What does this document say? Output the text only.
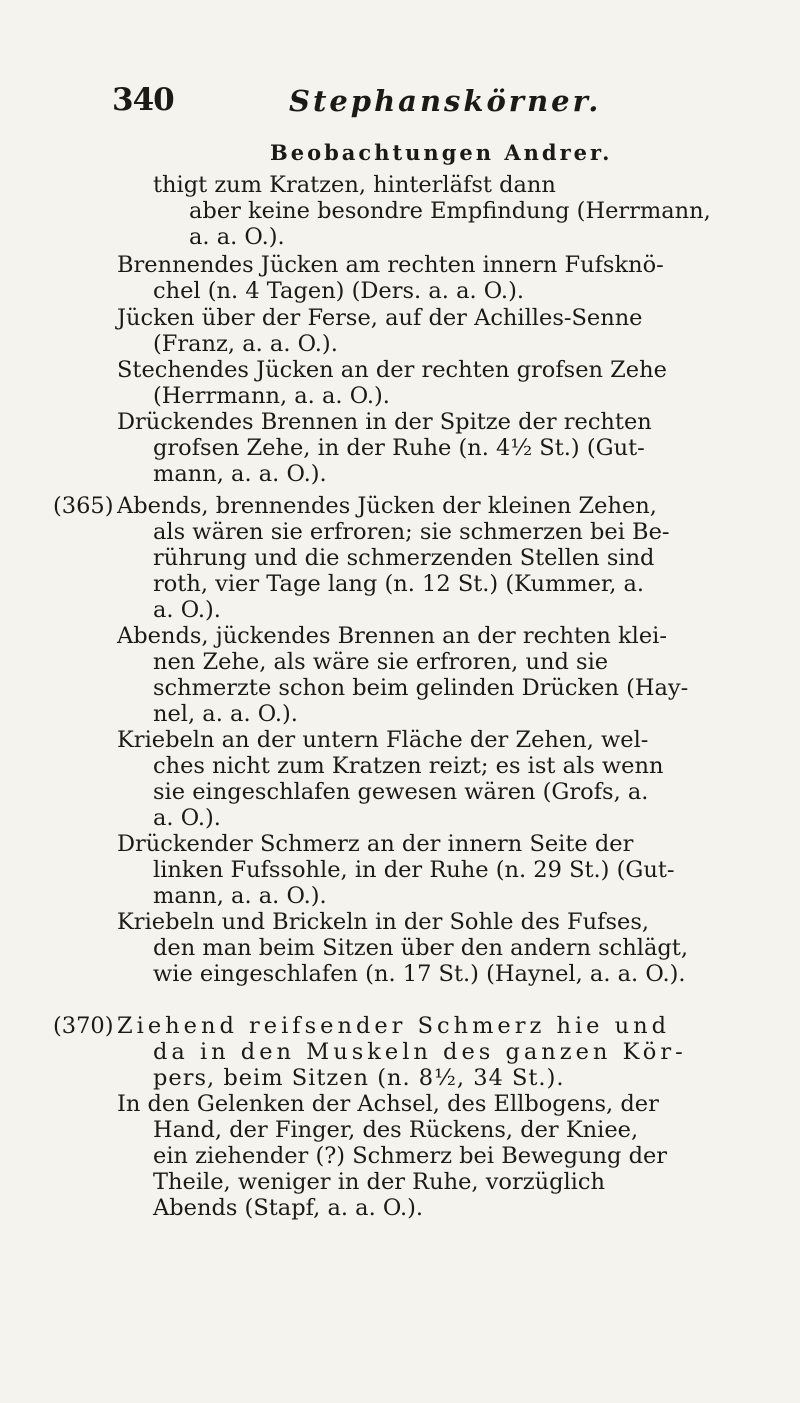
340	Stephanskörner.
Beobachtungen Andrer.
thigt zum Kratzen, hinterläfst dann
aber keine besondre Empfindung (Herrmann,
a. a. O.).
Brennendes Jücken am rechten innern Fufsknö-
chel (n. 4 Tagen) (Ders. a. a. O.).
Jücken über der Ferse, auf der Achilles-Senne
(Franz, a. a. O.).
Stechendes Jücken an der rechten grofsen Zehe
(Herrmann, a. a. O.).
Drückendes Brennen in der Spitze der rechten
grofsen Zehe, in der Ruhe (n. 4½ St.) (Gut-
mann, a. a. O.).
(365) Abends, brennendes Jücken der kleinen Zehen,
als wären sie erfroren; sie schmerzen bei Be-
rührung und die schmerzenden Stellen sind
roth, vier Tage lang (n. 12 St.) (Kummer, a.
a. O.).
Abends, jückendes Brennen an der rechten klei-
nen Zehe, als wäre sie erfroren, und sie
schmerzte schon beim gelinden Drücken (Hay-
nel, a. a. O.).
Kriebeln an der untern Fläche der Zehen, wel-
ches nicht zum Kratzen reizt; es ist als wenn
sie eingeschlafen gewesen wären (Grofs, a.
a. O.).
Drückender Schmerz an der innern Seite der
linken Fufssohle, in der Ruhe (n. 29 St.) (Gut-
mann, a. a. O.).
Kriebeln und Brickeln in der Sohle des Fufses,
den man beim Sitzen über den andern schlägt,
wie eingeschlafen (n. 17 St.) (Haynel, a. a. O.).
(370) Ziehend reifsender Schmerz hie und
da in den Muskeln des ganzen Kör-
pers, beim Sitzen (n. 8½, 34 St.).
In den Gelenken der Achsel, des Ellbogens, der
Hand, der Finger, des Rückens, der Kniee,
ein ziehender (?) Schmerz bei Bewegung der
Theile, weniger in der Ruhe, vorzüglich
Abends (Stapf, a. a. O.).
